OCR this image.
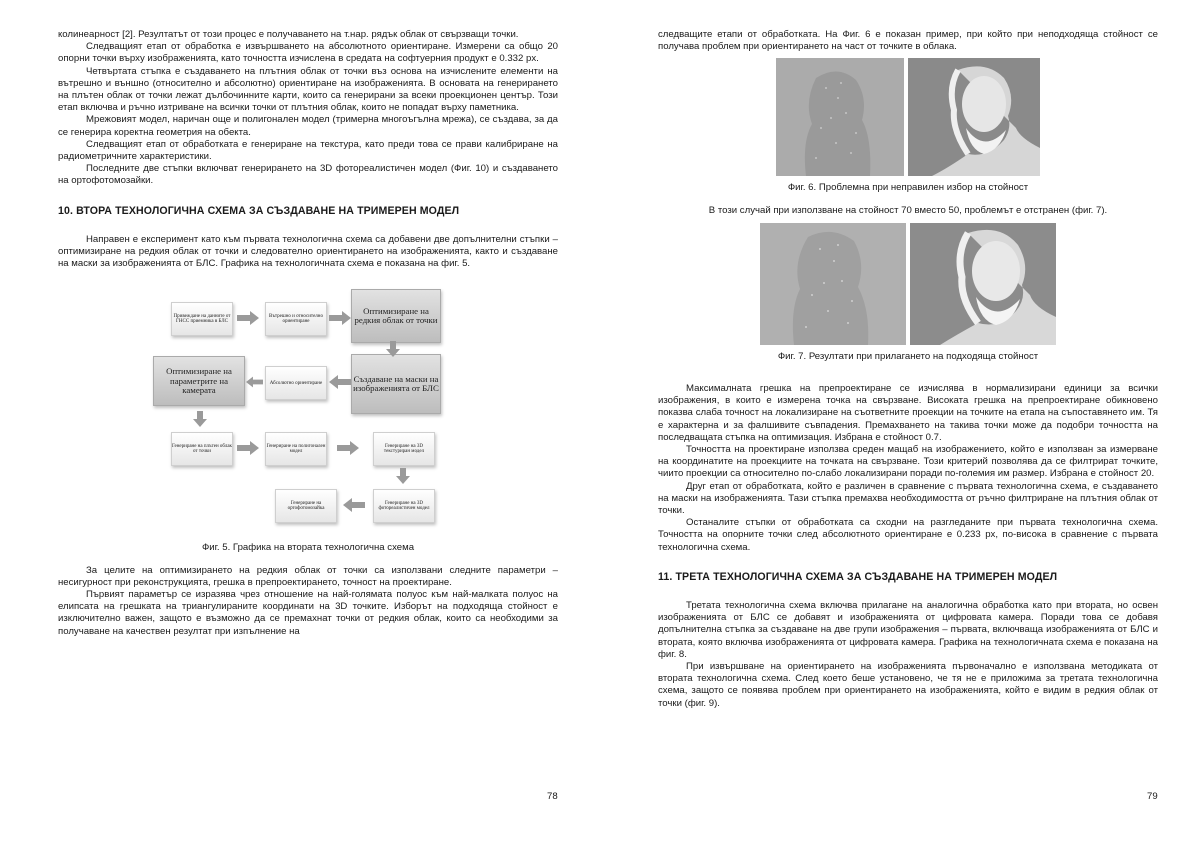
колинеарност [2]. Резултатът от този процес е получаването на т.нар. рядък облак от свързващи точки.

Следващият етап от обработка е извършването на абсолютното ориентиране. Измерени са общо 20 опорни точки върху изображенията, като точността изчислена в средата на софтуерния продукт е 0.332 px.

Четвъртата стъпка е създаването на плътния облак от точки въз основа на изчислените елементи на вътрешно и външно (относително и абсолютно) ориентиране на изображенията. В основата на генерирането на плътен облак от точки лежат дълбочинните карти, които са генерирани за всеки проекционен център. Този етап включва и ръчно изтриване на всички точки от плътния облак, които не попадат върху паметника.

Мрежовият модел, наричан още и полигонален модел (тримерна многоъгълна мрежа), се създава, за да се генерира коректна геометрия на обекта.

Следващият етап от обработката е генериране на текстура, като преди това се прави калибриране на радиометричните характеристики.

Последните две стъпки включват генерирането на 3D фотореалистичен модел (Фиг. 10) и създаването на ортофотомозайки.

10. ВТОРА ТЕХНОЛОГИЧНА СХЕМА ЗА СЪЗДАВАНЕ НА ТРИМЕРЕН МОДЕЛ

Направен е експеримент като към първата технологична схема са добавени две допълнителни стъпки – оптимизиране на редкия облак от точки и следователно ориентирането на изображенията, както и създаване на маски за изображенията от БЛС. Графика на технологичната схема е показана на фиг. 5.

Привеждане на данните от ГНСС приемника в БЛС
Вътрешно и относително ориентиране
Оптимизиране на редкия облак от точки
Абсолютно ориентиране	Създаване на маски на изображенията от БЛС
Оптимизиране на параметрите на камерата
Генериране на плътен облак от точки
Генериране на полигонален модел
Генериране на 3D текстуриран модел
Генериране на 3D фотореалистичен модел
Генериране на ортофотомозайка

Фиг. 5. Графика на втората технологична схема

За целите на оптимизирането на редкия облак от точки са използвани следните параметри – несигурност при реконструкцията, грешка в препроектирането, точност на проектиране.

Първият параметър се изразява чрез отношение на най-голямата полуос към най-малката полуос на елипсата на грешката на триангулираните координати на 3D точките. Изборът на подходяща стойност е изключително важен, защото е възможно да се премахнат точки от редкия облак, които са необходими за получаване на качествен резултат при изпълнение на

78

следващите етапи от обработката. На Фиг. 6 е показан пример, при който при неподходяща стойност се получава проблем при ориентирането на част от точките в облака.

Фиг. 6. Проблемна при неправилен избор на стойност

В този случай при използване на стойност 70 вместо 50, проблемът е отстранен (фиг. 7).

Фиг. 7. Резултати при прилагането на подходяща стойност

Максималната грешка на препроектиране се изчислява в нормализирани единици за всички изображения, в които е измерена точка на свързване. Високата грешка на препроектиране обикновено показва слаба точност на локализиране на съответните проекции на точките на етапа на съпоставянето им. Тя е характерна и за фалшивите съвпадения. Премахването на такива точки може да подобри точността на последващата стъпка на оптимизация. Избрана е стойност 0.7.

Точността на проектиране използва среден мащаб на изображението, който е използван за измерване на координатите на проекциите на точката на свързване. Този критерий позволява да се филтрират точките, чиито проекции са относително по-слабо локализирани поради по-големия им размер. Избрана е стойност 20.

Друг етап от обработката, който е различен в сравнение с първата технологична схема, е създаването на маски на изображенията. Тази стъпка премахва необходимостта от ръчно филтриране на плътния облак от точки.

Останалите стъпки от обработката са сходни на разгледаните при първата технологична схема. Точността на опорните точки след абсолютното ориентиране е 0.233 px, по-висока в сравнение с първата технологична схема.

11. ТРЕТА ТЕХНОЛОГИЧНА СХЕМА ЗА СЪЗДАВАНЕ НА ТРИМЕРЕН МОДЕЛ

Третата технологична схема включва прилагане на аналогична обработка като при втората, но освен изображенията от БЛС се добавят и изображенията от цифровата камера. Поради това се добавя допълнителна стъпка за създаване на две групи изображения – първата, включваща изображенията от БЛС и втората, която включва изображенията от цифровата камера. Графика на технологичната схема е показана на фиг. 8.

При извършване на ориентирането на изображенията първоначално е използвана методиката от втората технологична схема. След което беше установено, че тя не е приложима за третата технологична схема, защото се появява проблем при ориентирането на изображенията, който е видим в редкия облак от точки (фиг. 9).

79
